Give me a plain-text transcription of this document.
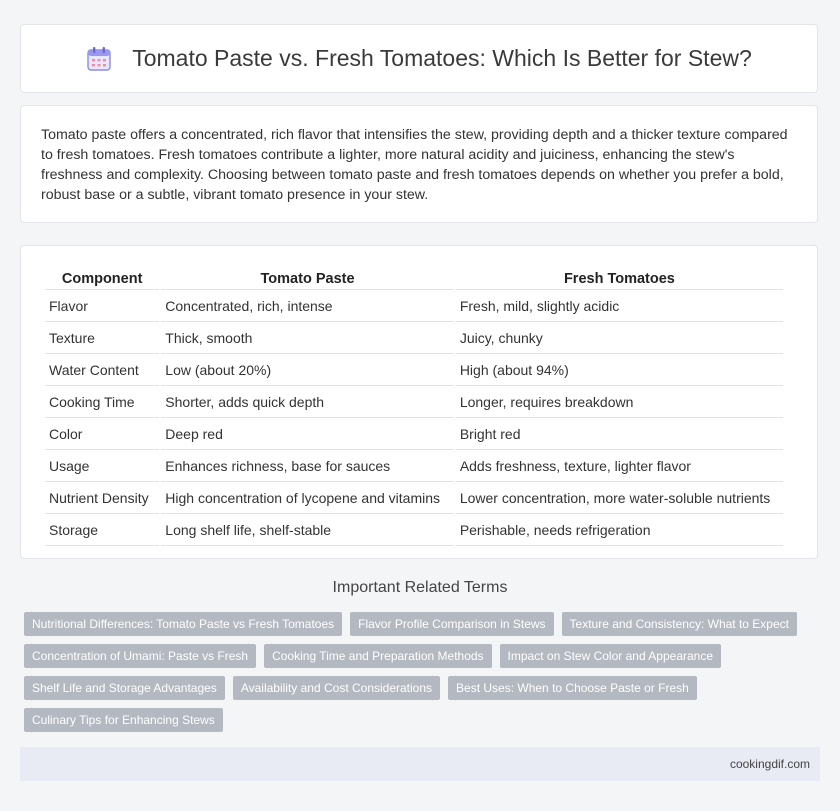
Tomato Paste vs. Fresh Tomatoes: Which Is Better for Stew?

Tomato paste offers a concentrated, rich flavor that intensifies the stew, providing depth and a thicker texture compared to fresh tomatoes. Fresh tomatoes contribute a lighter, more natural acidity and juiciness, enhancing the stew's freshness and complexity. Choosing between tomato paste and fresh tomatoes depends on whether you prefer a bold, robust base or a subtle, vibrant tomato presence in your stew.

Component	Tomato Paste	Fresh Tomatoes
Flavor	Concentrated, rich, intense	Fresh, mild, slightly acidic
Texture	Thick, smooth	Juicy, chunky
Water Content	Low (about 20%)	High (about 94%)
Cooking Time	Shorter, adds quick depth	Longer, requires breakdown
Color	Deep red	Bright red
Usage	Enhances richness, base for sauces	Adds freshness, texture, lighter flavor
Nutrient Density	High concentration of lycopene and vitamins	Lower concentration, more water-soluble nutrients
Storage	Long shelf life, shelf-stable	Perishable, needs refrigeration
Important Related Terms
Nutritional Differences: Tomato Paste vs Fresh Tomatoes	Flavor Profile Comparison in Stews	Texture and Consistency: What to Expect
Concentration of Umami: Paste vs Fresh	Cooking Time and Preparation Methods	Impact on Stew Color and Appearance
Shelf Life and Storage Advantages	Availability and Cost Considerations	Best Uses: When to Choose Paste or Fresh
Culinary Tips for Enhancing Stews
cookingdif.com
